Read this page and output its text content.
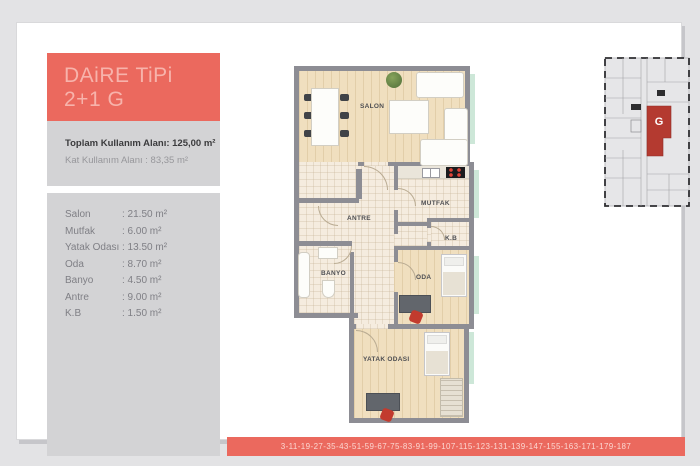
DAiRE TiPi
2+1 G
Toplam Kullanım Alanı: 125,00 m²
Kat Kullanım Alanı : 83,35 m²
Salon	: 21.50 m²
Mutfak	: 6.00 m²
Yatak Odası : 13.50 m²
Oda	: 8.70 m²
Banyo	: 4.50 m²
Antre	: 9.00 m²
K.B	: 1.50 m²
SALON
ANTRE
MUTFAK
K.B
BANYO
ODA
YATAK ODASI
G
3-11-19-27-35-43-51-59-67-75-83-91-99-107-115-123-131-139-147-155-163-171-179-187
